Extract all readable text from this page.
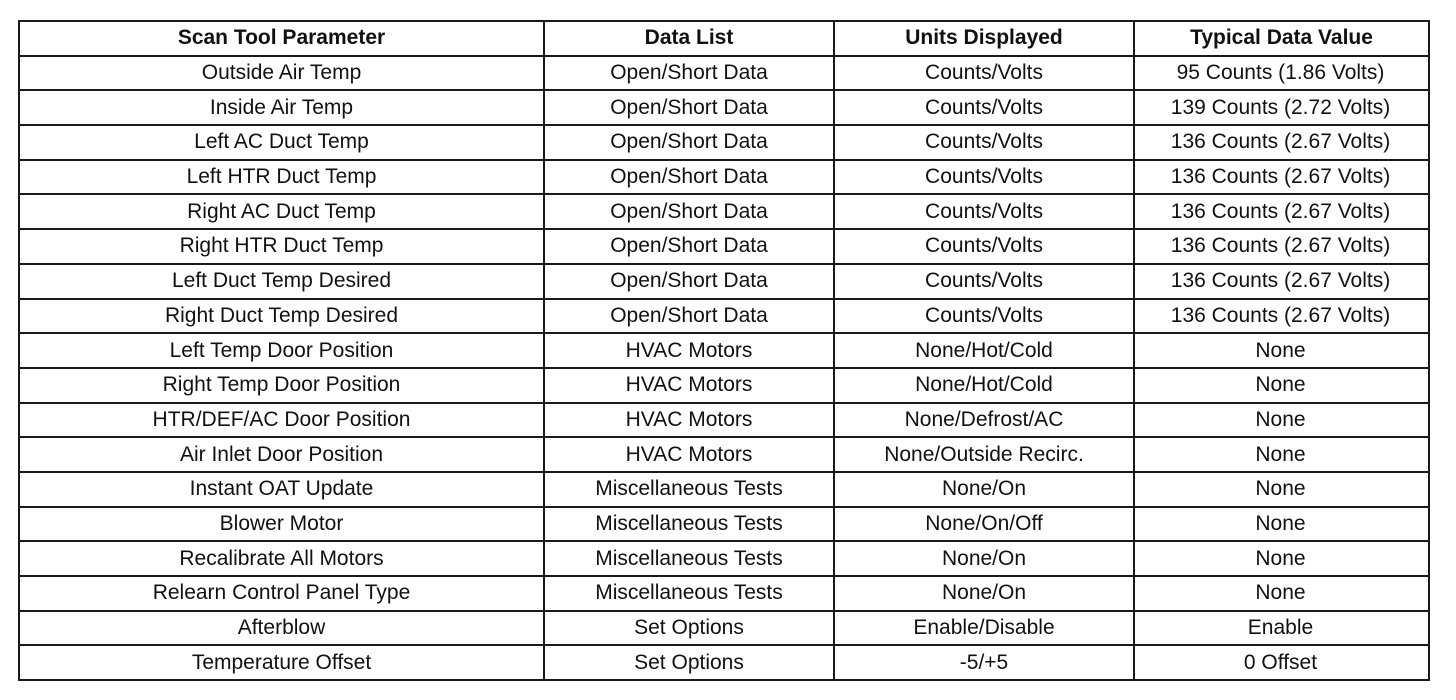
Scan Tool Parameter	Data List	Units Displayed	Typical Data Value
Outside Air Temp	Open/Short Data	Counts/Volts	95 Counts (1.86 Volts)
Inside Air Temp	Open/Short Data	Counts/Volts	139 Counts (2.72 Volts)
Left AC Duct Temp	Open/Short Data	Counts/Volts	136 Counts (2.67 Volts)
Left HTR Duct Temp	Open/Short Data	Counts/Volts	136 Counts (2.67 Volts)
Right AC Duct Temp	Open/Short Data	Counts/Volts	136 Counts (2.67 Volts)
Right HTR Duct Temp	Open/Short Data	Counts/Volts	136 Counts (2.67 Volts)
Left Duct Temp Desired	Open/Short Data	Counts/Volts	136 Counts (2.67 Volts)
Right Duct Temp Desired	Open/Short Data	Counts/Volts	136 Counts (2.67 Volts)
Left Temp Door Position	HVAC Motors	None/Hot/Cold	None
Right Temp Door Position	HVAC Motors	None/Hot/Cold	None
HTR/DEF/AC Door Position	HVAC Motors	None/Defrost/AC	None
Air Inlet Door Position	HVAC Motors	None/Outside Recirc.	None
Instant OAT Update	Miscellaneous Tests	None/On	None
Blower Motor	Miscellaneous Tests	None/On/Off	None
Recalibrate All Motors	Miscellaneous Tests	None/On	None
Relearn Control Panel Type	Miscellaneous Tests	None/On	None
Afterblow	Set Options	Enable/Disable	Enable
Temperature Offset	Set Options	-5/+5	0 Offset
